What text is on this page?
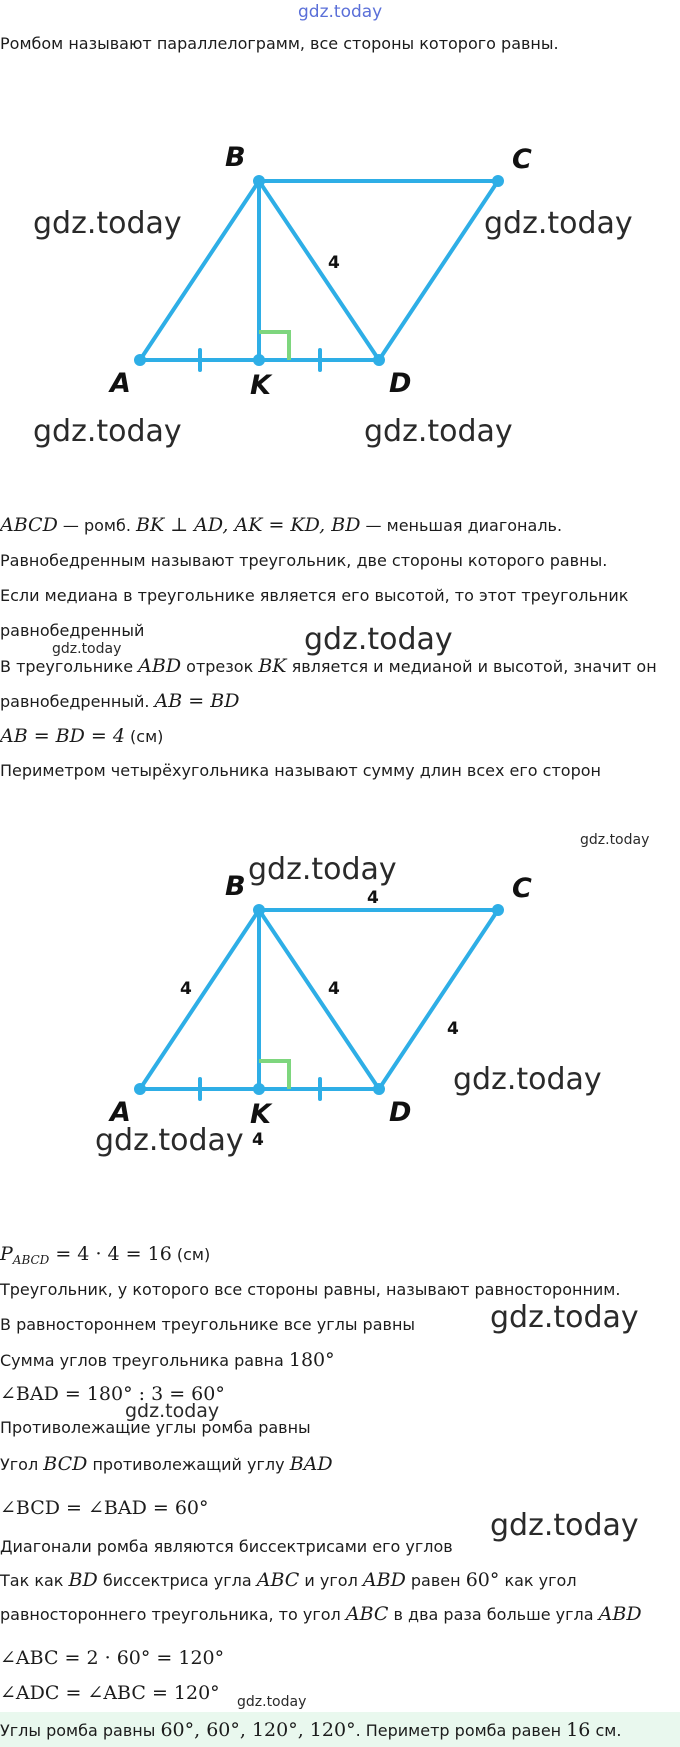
gdz.today
Ромбом называют параллелограмм, все стороны которого равны.
A
B	C
D
K
4
gdz.today	gdz.today
gdz.today	gdz.today
ABCD — ромб. BK ⊥ AD, AK = KD, BD — меньшая диагональ.
Равнобедренным называют треугольник, две стороны которого равны.
Если медиана в треугольнике является его высотой, то этот треугольник
равнобедренный
gdz.today	gdz.today
В треугольнике ABD отрезок BK является и медианой и высотой, значит он
равнобедренный. AB = BD
AB = BD = 4 (см)
Периметром четырёхугольника называют сумму длин всех его сторон
gdz.today
A
B	C
D
K
4
4	4
4
4
gdz.today
gdz.today
gdz.today
$P_{ABCD} = 4 \cdot 4 = 16$ (см)
Треугольник, у которого все стороны равны, называют равносторонним.
В равностороннем треугольнике все углы равны gdz.today
Сумма углов треугольника равна 180°
∠BAD = 180° : 3 = 60°
gdz.today
Противолежащие углы ромба равны
Угол BCD противолежащий углу BAD
∠BCD = ∠BAD = 60°
Диагонали ромба являются биссектрисами его углов
gdz.today
Так как BD биссектриса угла ABC и угол ABD равен 60° как угол
равностороннего треугольника, то угол ABC в два раза больше угла ABD
∠ABC = 2 · 60° = 120°
∠ADC = ∠ABC = 120° gdz.today
Углы ромба равны 60°, 60°, 120°, 120°. Периметр ромба равен 16 см.
